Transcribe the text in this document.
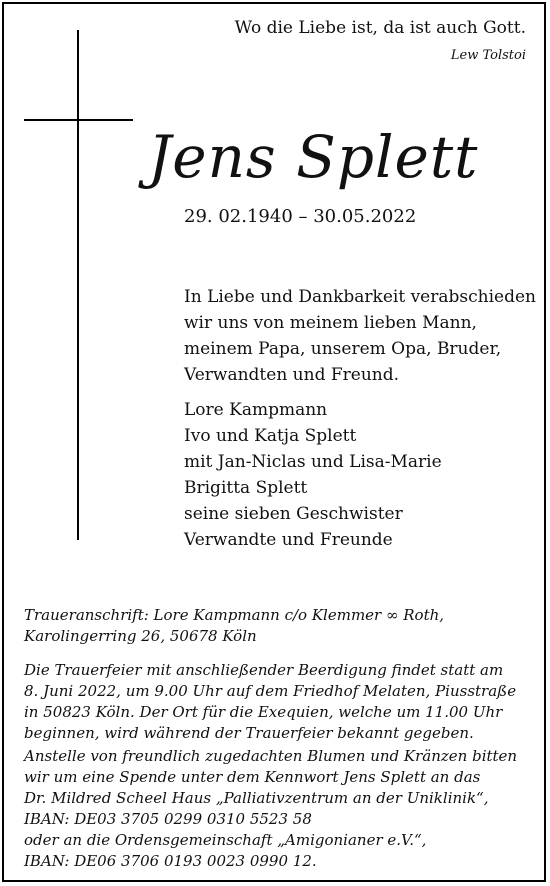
Wo die Liebe ist, da ist auch Gott.
Lew Tolstoi
Jens Splett
29. 02.1940 – 30.05.2022
In Liebe und Dankbarkeit verabschieden
wir uns von meinem lieben Mann,
meinem Papa, unserem Opa, Bruder,
Verwandten und Freund.
Lore Kampmann
Ivo und Katja Splett
mit Jan-Niclas und Lisa-Marie
Brigitta Splett
seine sieben Geschwister
Verwandte und Freunde
Traueranschrift: Lore Kampmann c/o Klemmer ∞ Roth,
Karolingerring 26, 50678 Köln
Die Trauerfeier mit anschließender Beerdigung findet statt am
8. Juni 2022, um 9.00 Uhr auf dem Friedhof Melaten, Piusstraße
in 50823 Köln. Der Ort für die Exequien, welche um 11.00 Uhr
beginnen, wird während der Trauerfeier bekannt gegeben.
Anstelle von freundlich zugedachten Blumen und Kränzen bitten
wir um eine Spende unter dem Kennwort Jens Splett an das
Dr. Mildred Scheel Haus „Palliativzentrum an der Uniklinik“,
IBAN: DE03 3705 0299 0310 5523 58
oder an die Ordensgemeinschaft „Amigonianer e.V.“,
IBAN: DE06 3706 0193 0023 0990 12.
